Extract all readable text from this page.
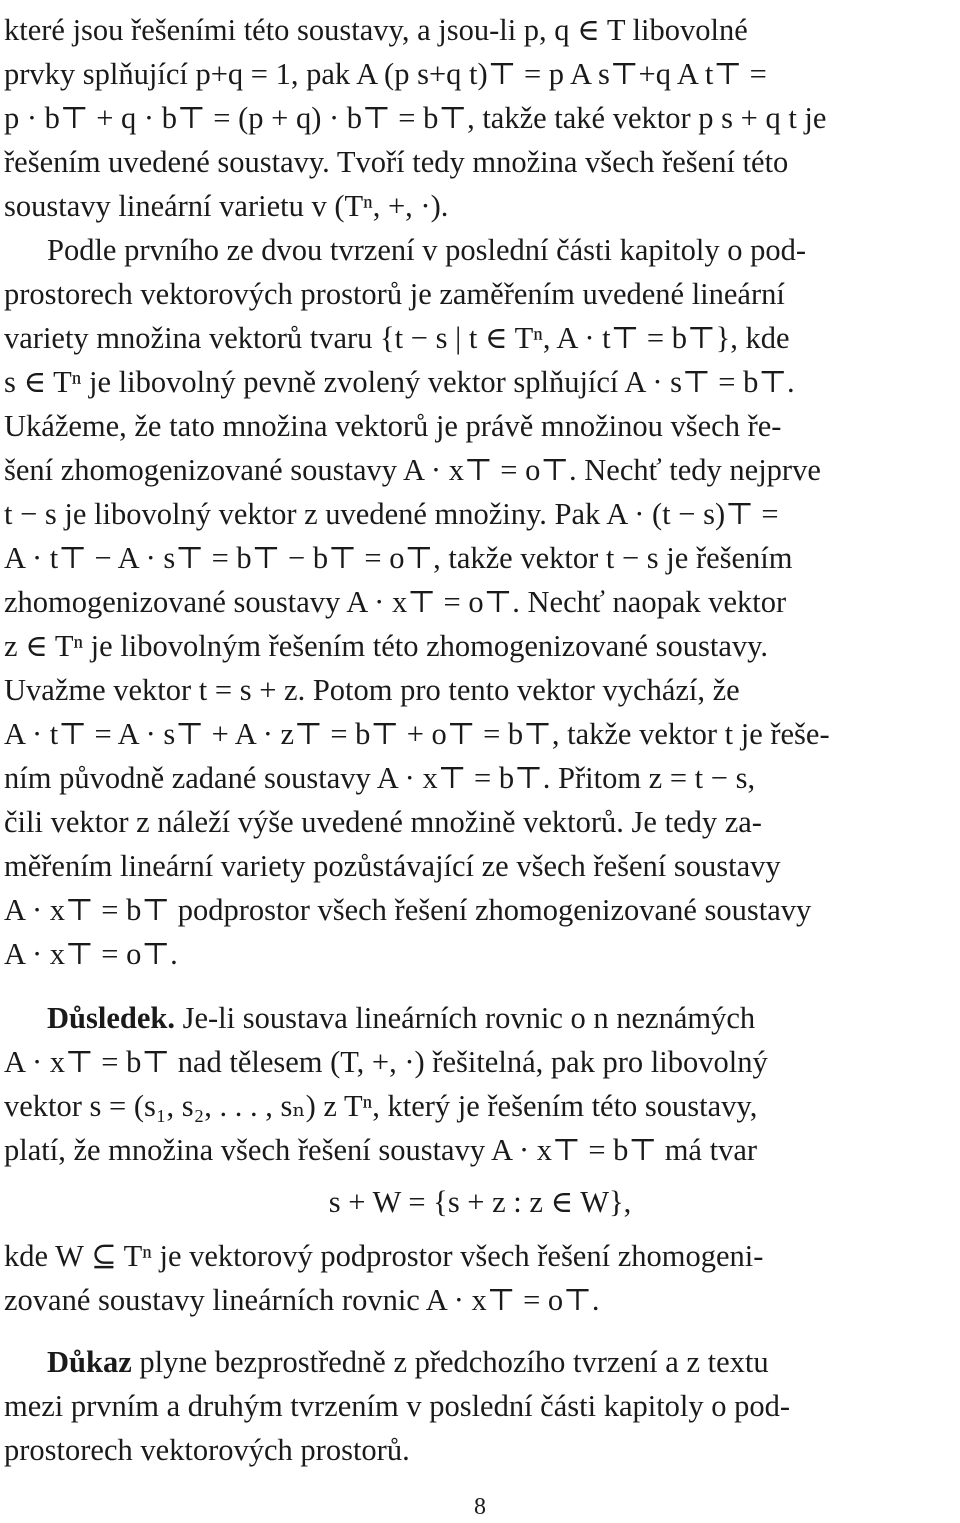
které jsou řešeními této soustavy, a jsou-li p, q ∈ T libovolné
prvky splňující p+q = 1, pak A (p s+q t)⊤ = p A s⊤+q A t⊤ =
p · b⊤ + q · b⊤ = (p + q) · b⊤ = b⊤, takže také vektor p s + q t je
řešením uvedené soustavy. Tvoří tedy množina všech řešení této
soustavy lineární varietu v (Tⁿ, +, ·).
Podle prvního ze dvou tvrzení v poslední části kapitoly o pod-
prostorech vektorových prostorů je zaměřením uvedené lineární
variety množina vektorů tvaru {t − s | t ∈ Tⁿ, A · t⊤ = b⊤}, kde
s ∈ Tⁿ je libovolný pevně zvolený vektor splňující A · s⊤ = b⊤.
Ukážeme, že tato množina vektorů je právě množinou všech ře-
šení zhomogenizované soustavy A · x⊤ = o⊤. Nechť tedy nejprve
t − s je libovolný vektor z uvedené množiny. Pak A · (t − s)⊤ =
A · t⊤ − A · s⊤ = b⊤ − b⊤ = o⊤, takže vektor t − s je řešením
zhomogenizované soustavy A · x⊤ = o⊤. Nechť naopak vektor
z ∈ Tⁿ je libovolným řešením této zhomogenizované soustavy.
Uvažme vektor t = s + z. Potom pro tento vektor vychází, že
A · t⊤ = A · s⊤ + A · z⊤ = b⊤ + o⊤ = b⊤, takže vektor t je řeše-
ním původně zadané soustavy A · x⊤ = b⊤. Přitom z = t − s,
čili vektor z náleží výše uvedené množině vektorů. Je tedy za-
měřením lineární variety pozůstávající ze všech řešení soustavy
A · x⊤ = b⊤ podprostor všech řešení zhomogenizované soustavy
A · x⊤ = o⊤.
Důsledek. Je-li soustava lineárních rovnic o n neznámých
A · x⊤ = b⊤ nad tělesem (T, +, ·) řešitelná, pak pro libovolný
vektor s = (s₁, s₂, . . . , sₙ) z Tⁿ, který je řešením této soustavy,
platí, že množina všech řešení soustavy A · x⊤ = b⊤ má tvar
s + W = {s + z : z ∈ W},
kde W ⊆ Tⁿ je vektorový podprostor všech řešení zhomogeni-
zované soustavy lineárních rovnic A · x⊤ = o⊤.
Důkaz plyne bezprostředně z předchozího tvrzení a z textu
mezi prvním a druhým tvrzením v poslední části kapitoly o pod-
prostorech vektorových prostorů.
8
